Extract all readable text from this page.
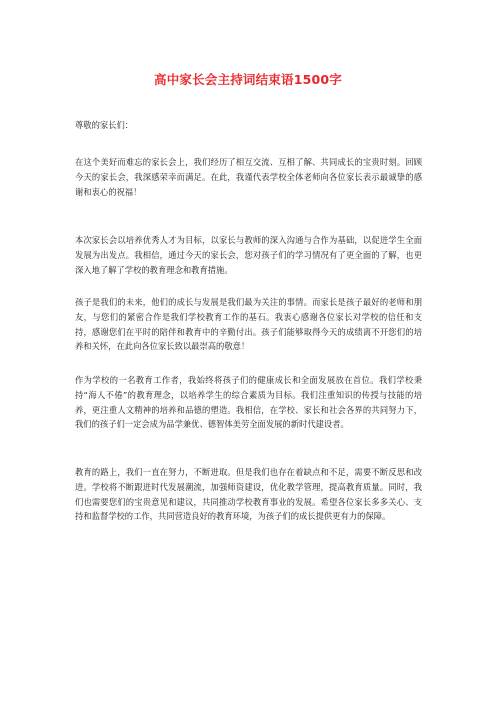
高中家长会主持词结束语1500字
尊敬的家长们：

在这个美好而难忘的家长会上，我们经历了相互交流、互相了解、共同成长的宝贵时刻。回顾今天的家长会，我深感荣幸而满足。在此，我谨代表学校全体老师向各位家长表示最诚挚的感谢和衷心的祝福！

本次家长会以培养优秀人才为目标，以家长与教师的深入沟通与合作为基础，以促进学生全面发展为出发点。我相信，通过今天的家长会，您对孩子们的学习情况有了更全面的了解，也更深入地了解了学校的教育理念和教育措施。

孩子是我们的未来，他们的成长与发展是我们最为关注的事情。而家长是孩子最好的老师和朋友，与您们的紧密合作是我们学校教育工作的基石。我衷心感谢各位家长对学校的信任和支持，感谢您们在平时的陪伴和教育中的辛勤付出。孩子们能够取得今天的成绩离不开您们的培养和关怀，在此向各位家长致以最崇高的敬意！

作为学校的一名教育工作者，我始终将孩子们的健康成长和全面发展放在首位。我们学校秉持“海人不倦”的教育理念，以培养学生的综合素质为目标。我们注重知识的传授与技能的培养，更注重人文精神的培养和品德的塑造。我相信，在学校、家长和社会各界的共同努力下，我们的孩子们一定会成为品学兼优、德智体美劳全面发展的新时代建设者。

教育的路上，我们一直在努力，不断进取。但是我们也存在着缺点和不足，需要不断反思和改进。学校将不断跟进时代发展潮流，加强师资建设，优化教学管理，提高教育质量。同时，我们也需要您们的宝贵意见和建议，共同推动学校教育事业的发展。希望各位家长多多关心、支持和监督学校的工作，共同营造良好的教育环境，为孩子们的成长提供更有力的保障。
